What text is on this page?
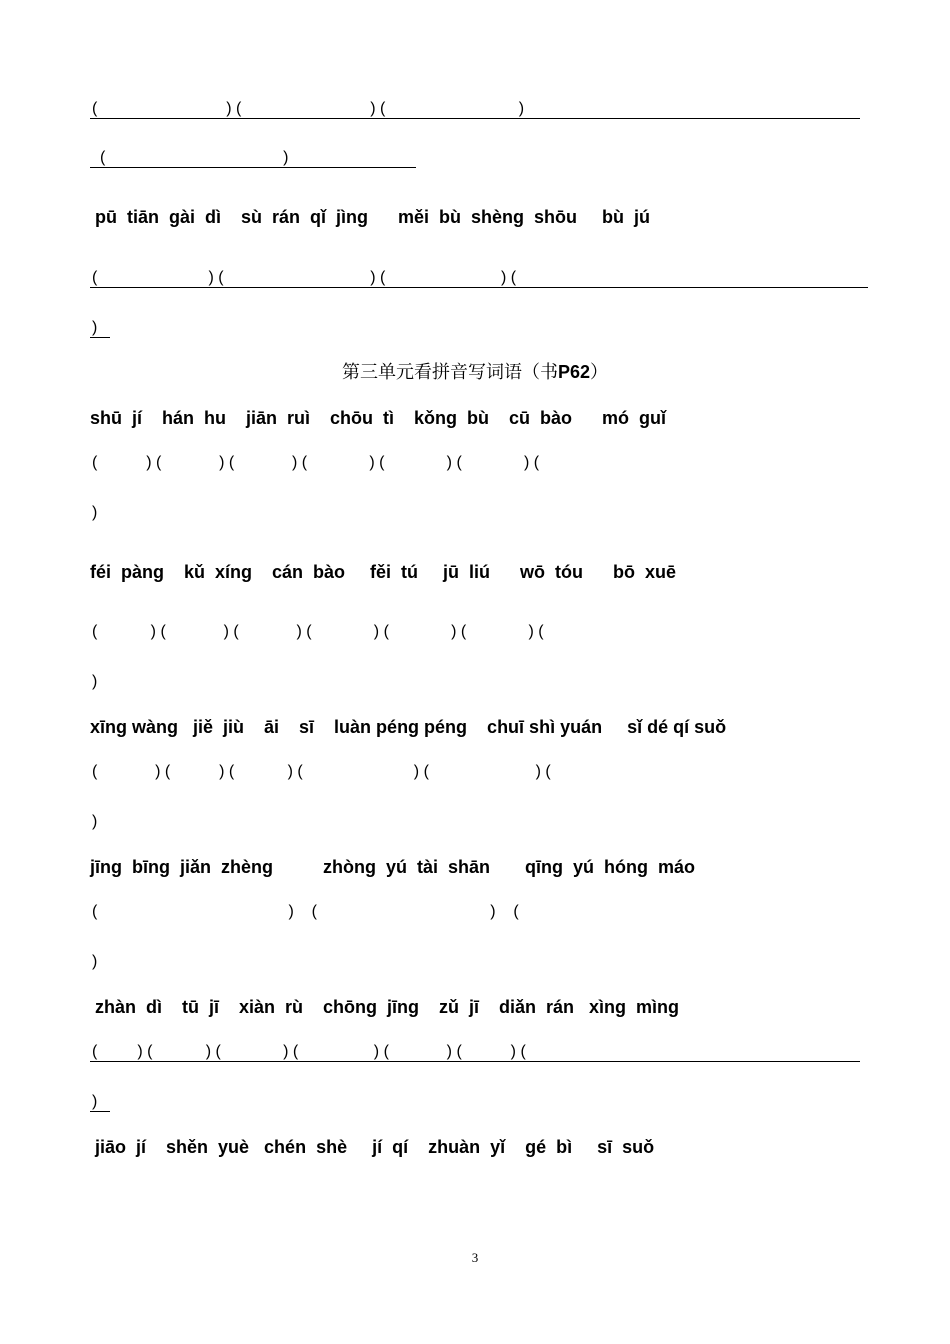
(                             ) (                             ) (                              )
(                                        )
pū  tiān  gài  dì    sù  rán  qǐ  jìng      měi  bù  shèng  shōu     bù  jú
(                         ) (                                 ) (                          ) (
)
第三单元看拼音写词语（书P62）
shū  jí    hán  hu    jiān  ruì    chōu  tì    kǒng  bù    cū  bào      mó  guǐ
(           ) (             ) (             ) (              ) (              ) (              ) (
)
féi  pàng    kǔ  xíng    cán  bào     fěi  tú     jū  liú      wō  tóu      bō  xuē
(            ) (             ) (             ) (              ) (              ) (              ) (
)
xīng wàng   jiě  jiù    āi    sī    luàn péng péng    chuī shì yuán     sǐ dé qí suǒ
(             ) (           ) (            ) (                         ) (                        ) (
)
jīng  bīng  jiǎn  zhèng          zhòng  yú  tài  shān       qīng  yú  hóng  máo
(                                           )    (                                       )    (
)
zhàn  dì    tū  jī    xiàn  rù    chōng  jīng    zǔ  jī    diǎn  rán   xìng  mìng
(         ) (            ) (              ) (                 ) (             ) (           ) (
)
jiāo  jí    shěn  yuè   chén  shè     jí  qí    zhuàn  yǐ    gé  bì     sī  suǒ
3
